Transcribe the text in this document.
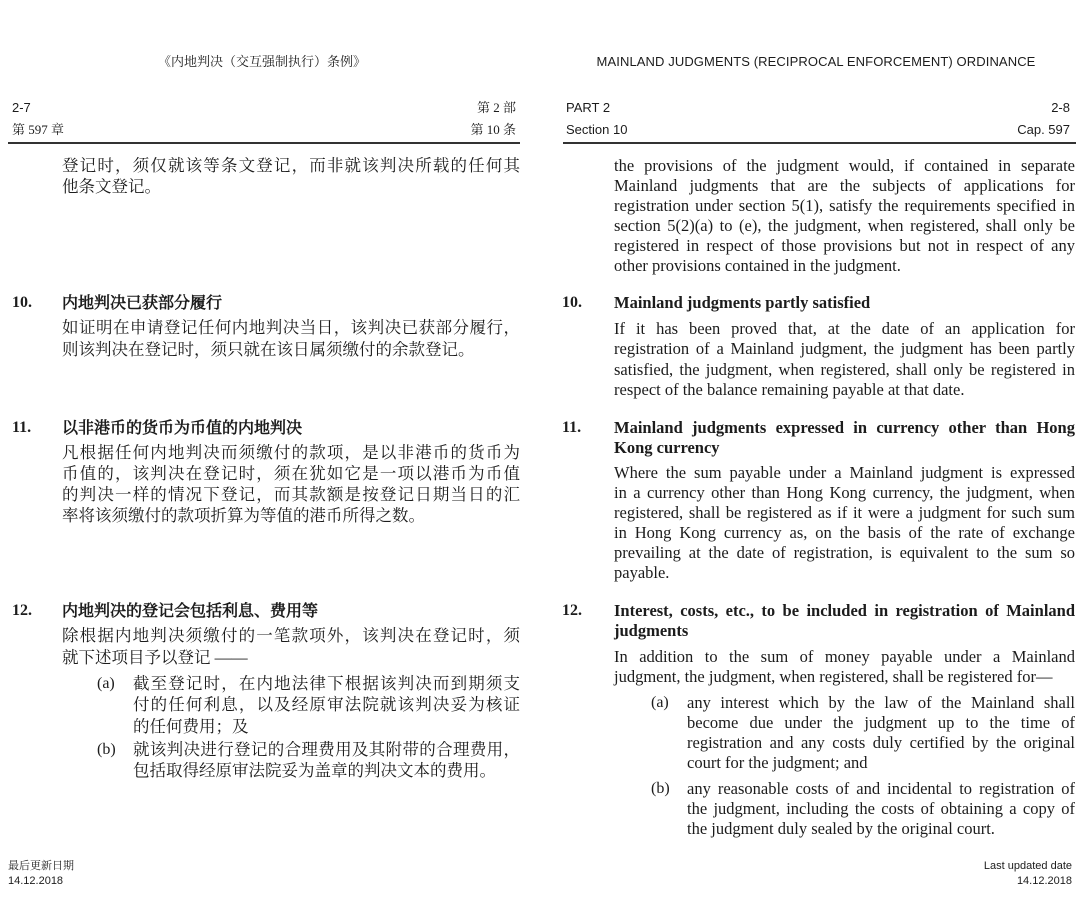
《内地判决（交互强制执行）条例》	MAINLAND JUDGMENTS (RECIPROCAL ENFORCEMENT) ORDINANCE
2-7	第 2 部
第 597 章	第 10 条
PART 2	2-8
Section 10	Cap. 597
登记时，须仅就该等条文登记，而非就该判决所载的任何其
他条文登记。
10. 内地判决已获部分履行
如证明在申请登记任何内地判决当日，该判决已获部分履行，
则该判决在登记时，须只就在该日属须缴付的余款登记。
11. 以非港币的货币为币值的内地判决
凡根据任何内地判决而须缴付的款项，是以非港币的货币为
币值的，该判决在登记时，须在犹如它是一项以港币为币值
的判决一样的情况下登记，而其款额是按登记日期当日的汇
率将该须缴付的款项折算为等值的港币所得之数。
12. 内地判决的登记会包括利息、费用等
除根据内地判决须缴付的一笔款项外，该判决在登记时，须
就下述项目予以登记 ——
(a) 截至登记时，在内地法律下根据该判决而到期须支
付的任何利息，以及经原审法院就该判决妥为核证
的任何费用；及
(b) 就该判决进行登记的合理费用及其附带的合理费用，
包括取得经原审法院妥为盖章的判决文本的费用。
the provisions of the judgment would, if contained in separate
Mainland judgments that are the subjects of applications for
registration under section 5(1), satisfy the requirements specified in
section 5(2)(a) to (e), the judgment, when registered, shall only be
registered in respect of those provisions but not in respect of any
other provisions contained in the judgment.
10. Mainland judgments partly satisfied
If it has been proved that, at the date of an application for
registration of a Mainland judgment, the judgment has been partly
satisfied, the judgment, when registered, shall only be registered in
respect of the balance remaining payable at that date.
11. Mainland judgments expressed in currency other than Hong
Kong currency
Where the sum payable under a Mainland judgment is expressed
in a currency other than Hong Kong currency, the judgment, when
registered, shall be registered as if it were a judgment for such sum
in Hong Kong currency as, on the basis of the rate of exchange
prevailing at the date of registration, is equivalent to the sum so
payable.
12. Interest, costs, etc., to be included in registration of Mainland
judgments
In addition to the sum of money payable under a Mainland
judgment, the judgment, when registered, shall be registered for—
(a) any interest which by the law of the Mainland shall
become due under the judgment up to the time of
registration and any costs duly certified by the original
court for the judgment; and
(b) any reasonable costs of and incidental to registration of
the judgment, including the costs of obtaining a copy of
the judgment duly sealed by the original court.
最后更新日期
14.12.2018
Last updated date
14.12.2018
